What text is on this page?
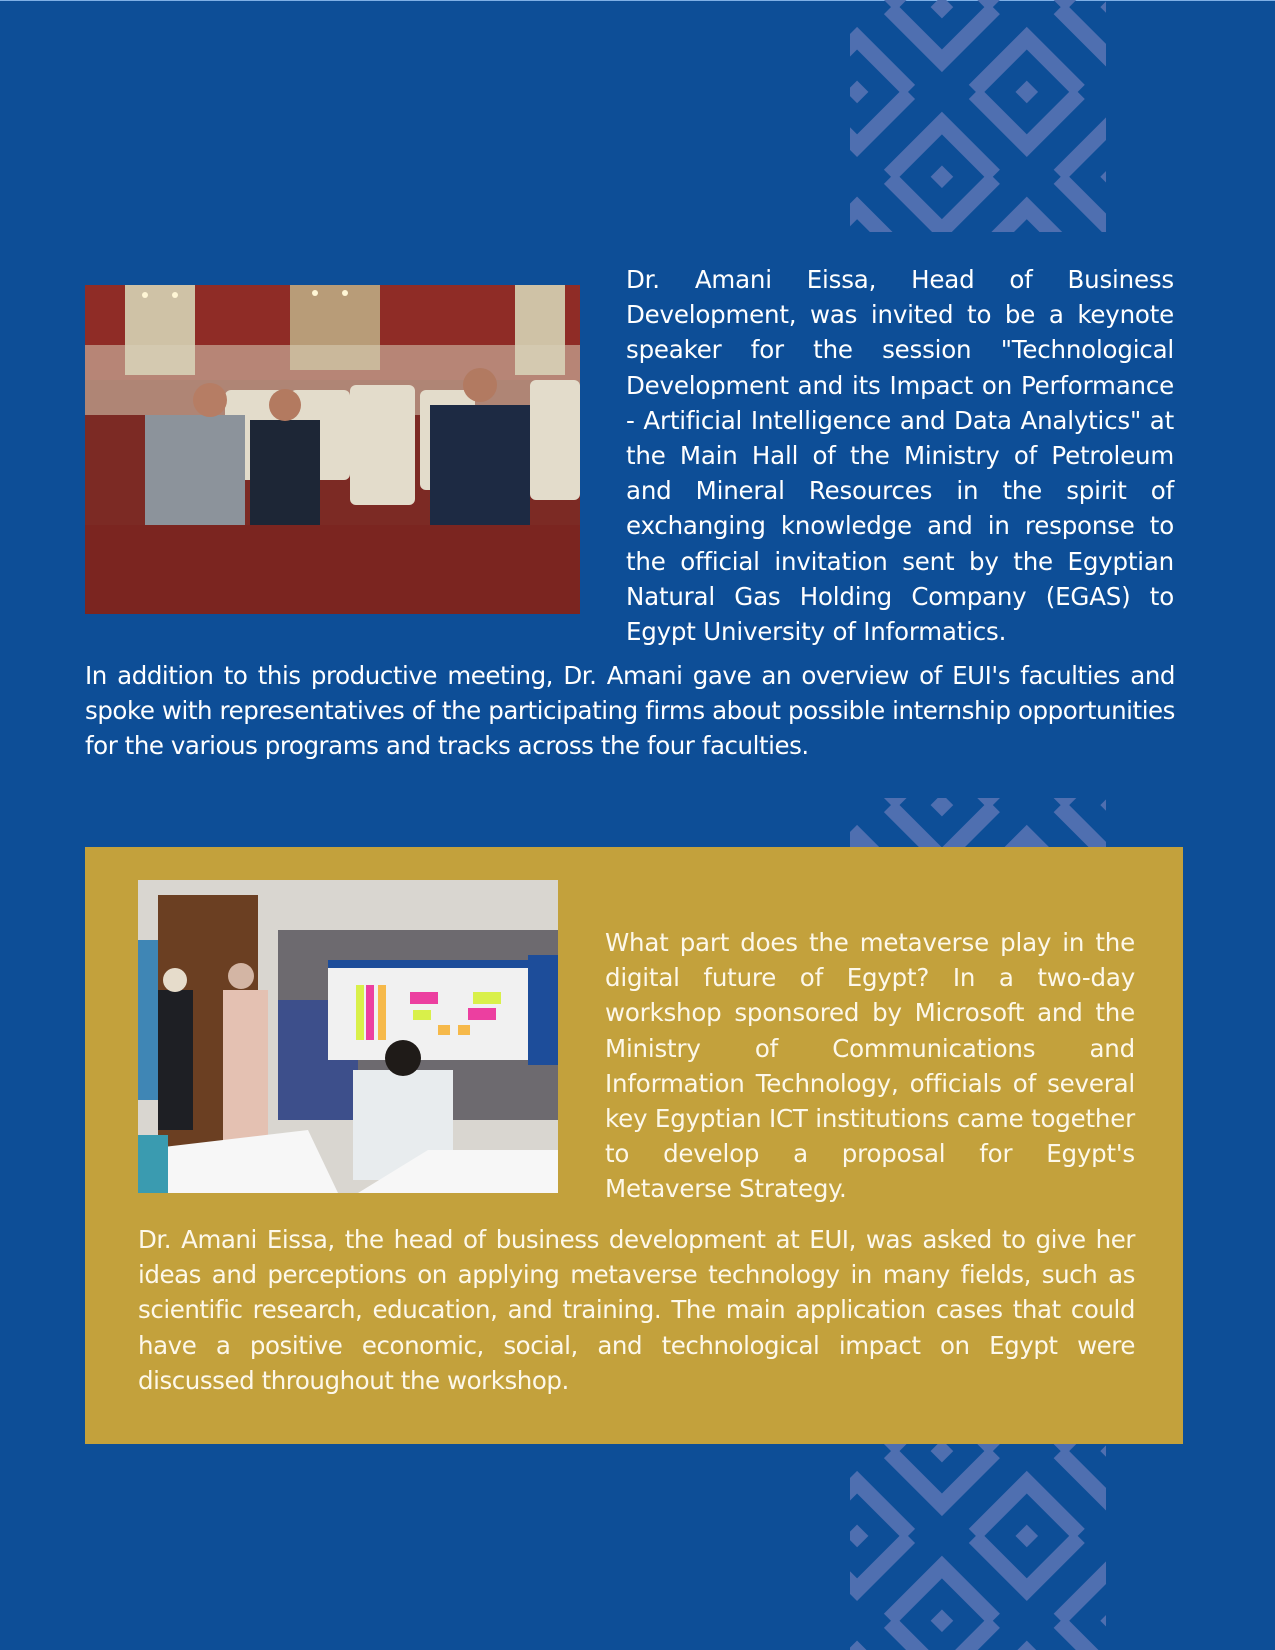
Dr. Amani Eissa, Head of Business Development, was invited to be a keynote speaker for the session "Technological Development and its Impact on Performance - Artificial Intelligence and Data Analytics" at the Main Hall of the Ministry of Petroleum and Mineral Resources in the spirit of exchanging knowledge and in response to the official invitation sent by the Egyptian Natural Gas Holding Company (EGAS) to Egypt University of Informatics.
In addition to this productive meeting, Dr. Amani gave an overview of EUI's faculties and spoke with representatives of the participating firms about possible internship opportunities for the various programs and tracks across the four faculties.
What part does the metaverse play in the digital future of Egypt? In a two-day workshop sponsored by Microsoft and the Ministry of Communications and Information Technology, officials of several key Egyptian ICT institutions came together to develop a proposal for Egypt's Metaverse Strategy.
Dr. Amani Eissa, the head of business development at EUI, was asked to give her ideas and perceptions on applying metaverse technology in many fields, such as scientific research, education, and training. The main application cases that could have a positive economic, social, and technological impact on Egypt were discussed throughout the workshop.
